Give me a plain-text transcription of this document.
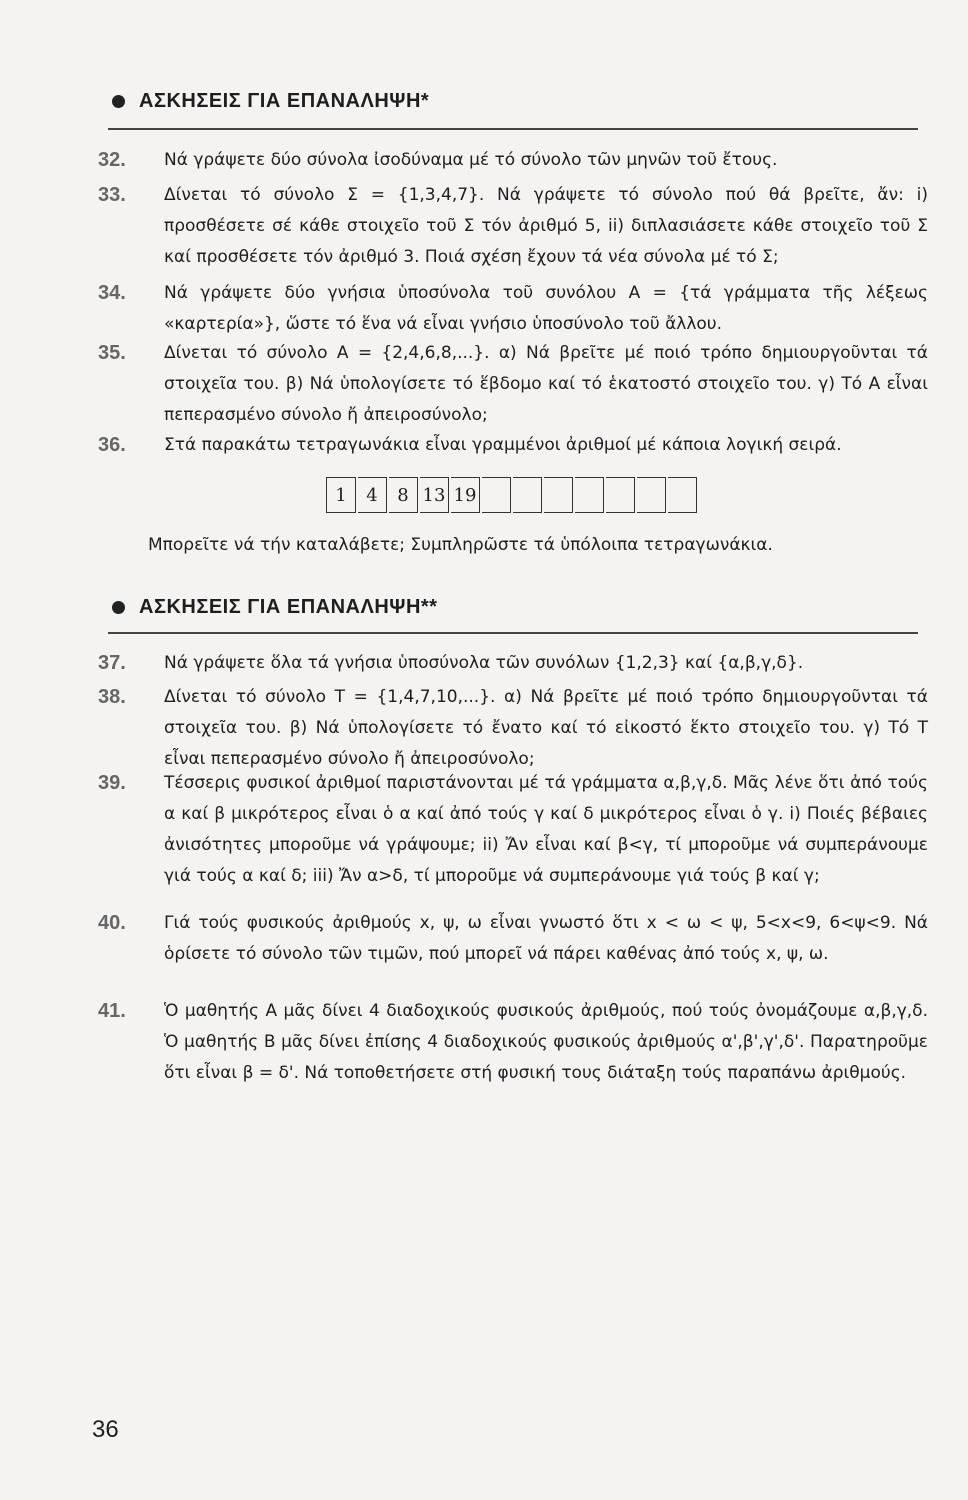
ΑΣΚΗΣΕΙΣ ΓΙΑ ΕΠΑΝΑΛΗΨΗ*
32.	Νά γράψετε δύο σύνολα ἰσοδύναμα μέ τό σύνολο τῶν μηνῶν τοῦ ἔτους.

33.	Δίνεται τό σύνολο Σ = {1,3,4,7}. Νά γράψετε τό σύνολο πού θά βρεῖτε, ἄν: i) προσθέσετε σέ κάθε στοιχεῖο τοῦ Σ τόν ἀριθμό 5, ii) διπλασιάσετε κάθε στοιχεῖο τοῦ Σ καί προσθέσετε τόν ἀριθμό 3. Ποιά σχέση ἔχουν τά νέα σύνολα μέ τό Σ;

34.	Νά γράψετε δύο γνήσια ὑποσύνολα τοῦ συνόλου Α = {τά γράμματα τῆς λέξεως «καρτερία»}, ὥστε τό ἕνα νά εἶναι γνήσιο ὑποσύνολο τοῦ ἄλλου.

35.	Δίνεται τό σύνολο Α = {2,4,6,8,...}. α) Νά βρεῖτε μέ ποιό τρόπο δημιουργοῦνται τά στοιχεῖα του. β) Νά ὑπολογίσετε τό ἕβδομο καί τό ἑκατοστό στοιχεῖο του. γ) Τό Α εἶναι πεπερασμένο σύνολο ἤ ἀπειροσύνολο;

36.	Στά παρακάτω τετραγωνάκια εἶναι γραμμένοι ἀριθμοί μέ κάποια λογική σειρά.

1	4	8 13 19
Μπορεῖτε νά τήν καταλάβετε; Συμπληρῶστε τά ὑπόλοιπα τετραγωνάκια.
ΑΣΚΗΣΕΙΣ ΓΙΑ ΕΠΑΝΑΛΗΨΗ**
37.	Νά γράψετε ὅλα τά γνήσια ὑποσύνολα τῶν συνόλων {1,2,3} καί {α,β,γ,δ}.

38.	Δίνεται τό σύνολο Τ = {1,4,7,10,...}. α) Νά βρεῖτε μέ ποιό τρόπο δημιουργοῦνται τά στοιχεῖα του. β) Νά ὑπολογίσετε τό ἔνατο καί τό εἰκοστό ἕκτο στοιχεῖο του. γ) Τό Τ εἶναι πεπερασμένο σύνολο ἤ ἀπειροσύνολο;

39.	Τέσσερις φυσικοί ἀριθμοί παριστάνονται μέ τά γράμματα α,β,γ,δ. Μᾶς λένε ὅτι ἀπό τούς α καί β μικρότερος εἶναι ὁ α καί ἀπό τούς γ καί δ μικρότερος εἶναι ὁ γ. i) Ποιές βέβαιες ἀνισότητες μποροῦμε νά γράψουμε; ii) Ἄν εἶναι καί β<γ, τί μποροῦμε νά συμπεράνουμε γιά τούς α καί δ; iii) Ἄν α>δ, τί μποροῦμε νά συμπεράνουμε γιά τούς β καί γ;

40.	Γιά τούς φυσικούς ἀριθμούς x, ψ, ω εἶναι γνωστό ὅτι x < ω < ψ, 5<x<9, 6<ψ<9. Νά ὁρίσετε τό σύνολο τῶν τιμῶν, πού μπορεῖ νά πάρει καθένας ἀπό τούς x, ψ, ω.

41.	Ὁ μαθητής Α μᾶς δίνει 4 διαδοχικούς φυσικούς ἀριθμούς, πού τούς ὀνομάζουμε α,β,γ,δ. Ὁ μαθητής Β μᾶς δίνει ἐπίσης 4 διαδοχικούς φυσικούς ἀριθμούς α',β',γ',δ'. Παρατηροῦμε ὅτι εἶναι β = δ'. Νά τοποθετήσετε στή φυσική τους διάταξη τούς παραπάνω ἀριθμούς.

36
